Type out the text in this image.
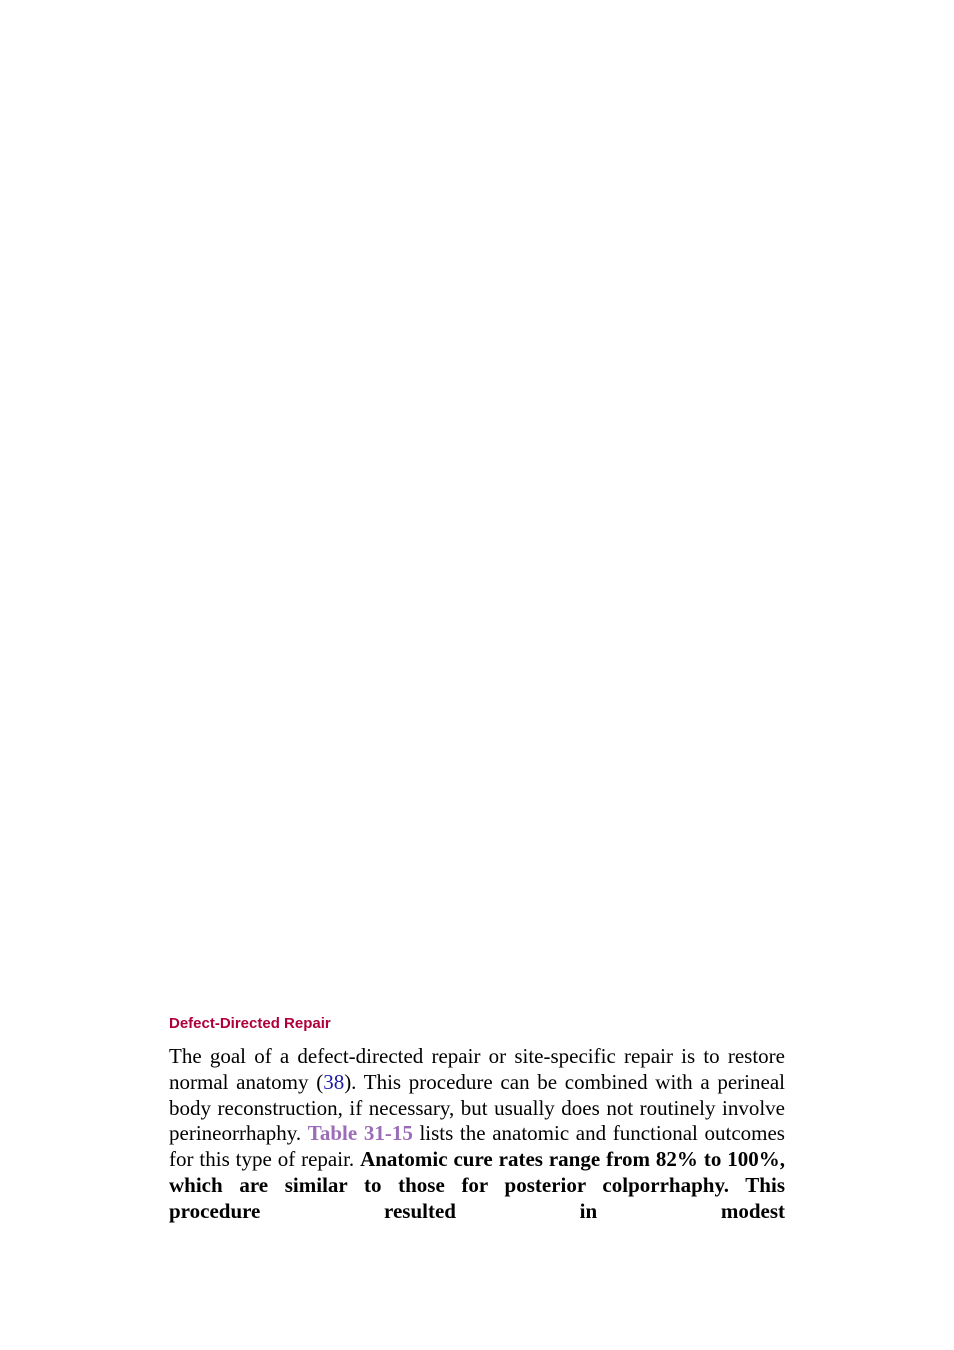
Defect-Directed Repair

The goal of a defect-directed repair or site-specific repair is to restore normal anatomy (38). This procedure can be combined with a perineal body reconstruction, if necessary, but usually does not routinely involve perineorrhaphy. Table 31-15 lists the anatomic and functional outcomes for this type of repair. Anatomic cure rates range from 82% to 100%, which are similar to those for posterior colporrhaphy. This procedure resulted in modest
